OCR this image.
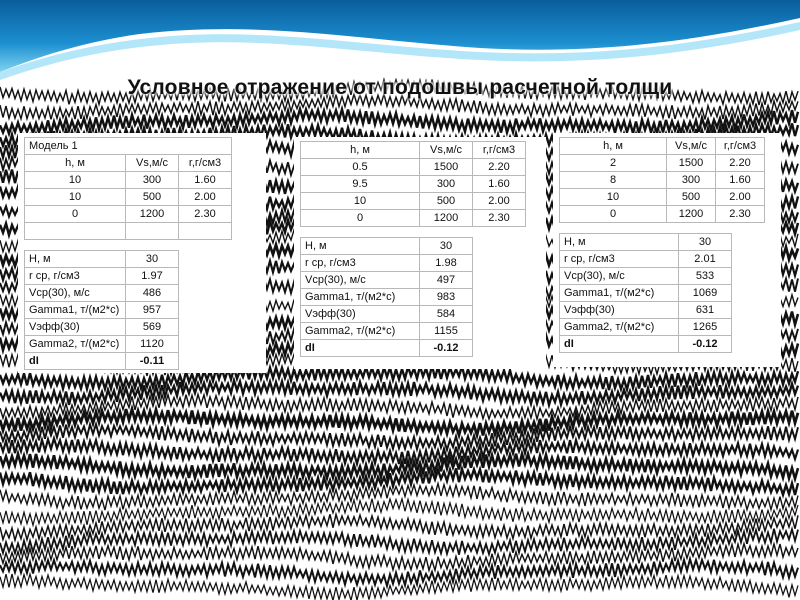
Условное отражение от подошвы расчетной толщи
Модель 1		
h, м	Vs,м/с	r,г/см3
10	300	1.60
10	500	2.00
0	1200	2.30

H, м	30
r ср, г/см3	1.97
Vср(30), м/с	486
Gamma1, т/(м2*с)	957
Vэфф(30)	569
Gamma2, т/(м2*с)	1120
dI	-0.11
h, м	Vs,м/с	r,г/см3
0.5	1500	2.20
9.5	300	1.60
10	500	2.00
0	1200	2.30
H, м	30
r ср, г/см3	1.98
Vср(30), м/с	497
Gamma1, т/(м2*с)	983
Vэфф(30)	584
Gamma2, т/(м2*с)	1155
dI	-0.12
h, м	Vs,м/с	r,г/см3
2	1500	2.20
8	300	1.60
10	500	2.00
0	1200	2.30
H, м	30
r ср, г/см3	2.01
Vср(30), м/с	533
Gamma1, т/(м2*с)	1069
Vэфф(30)	631
Gamma2, т/(м2*с)	1265
dI	-0.12
